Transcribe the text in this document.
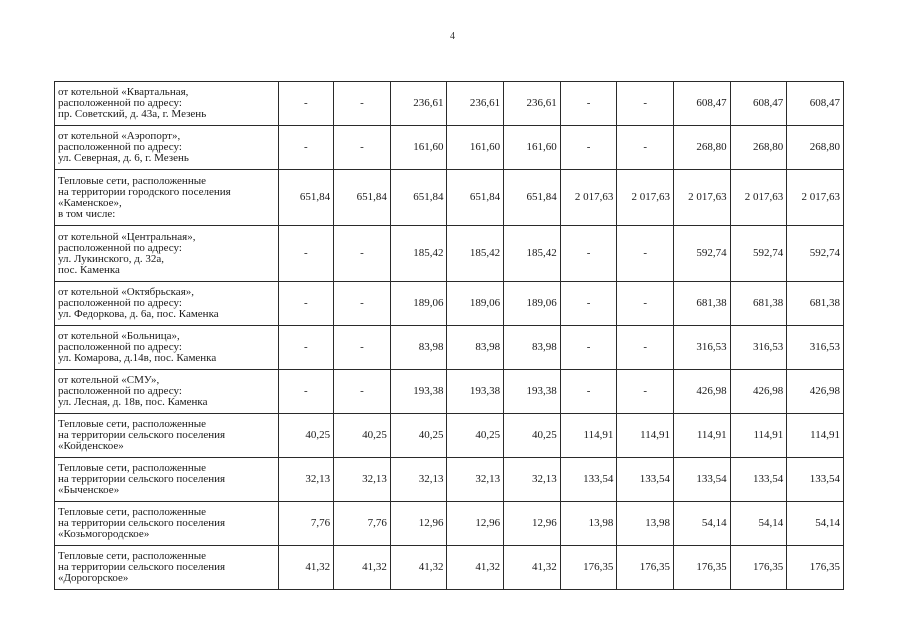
4
от котельной «Квартальная,
расположенной по адресу:
пр. Советский, д. 43а, г. Мезень	-	-	236,61	236,61	236,61	-	-	608,47	608,47	608,47
от котельной «Аэропорт»,
расположенной по адресу:
ул. Северная, д. 6, г. Мезень	-	-	161,60	161,60	161,60	-	-	268,80	268,80	268,80
Тепловые сети, расположенные
на территории городского поселения
«Каменское»,
в том числе:	651,84	651,84	651,84	651,84	651,84	2 017,63	2 017,63	2 017,63	2 017,63	2 017,63
от котельной «Центральная»,
расположенной по адресу:
ул. Лукинского, д. 32а,
пос. Каменка	-	-	185,42	185,42	185,42	-	-	592,74	592,74	592,74
от котельной «Октябрьская»,
расположенной по адресу:
ул. Федоркова, д. 6а, пос. Каменка	-	-	189,06	189,06	189,06	-	-	681,38	681,38	681,38
от котельной «Больница»,
расположенной по адресу:
ул. Комарова, д.14в, пос. Каменка	-	-	83,98	83,98	83,98	-	-	316,53	316,53	316,53
от котельной «СМУ»,
расположенной по адресу:
ул. Лесная, д. 18в, пос. Каменка	-	-	193,38	193,38	193,38	-	-	426,98	426,98	426,98
Тепловые сети, расположенные
на территории сельского поселения
«Койденское»	40,25	40,25	40,25	40,25	40,25	114,91	114,91	114,91	114,91	114,91
Тепловые сети, расположенные
на территории сельского поселения
«Быченское»	32,13	32,13	32,13	32,13	32,13	133,54	133,54	133,54	133,54	133,54
Тепловые сети, расположенные
на территории сельского поселения
«Козьмогородское»	7,76	7,76	12,96	12,96	12,96	13,98	13,98	54,14	54,14	54,14
Тепловые сети, расположенные
на территории сельского поселения
«Дорогорское»	41,32	41,32	41,32	41,32	41,32	176,35	176,35	176,35	176,35	176,35
